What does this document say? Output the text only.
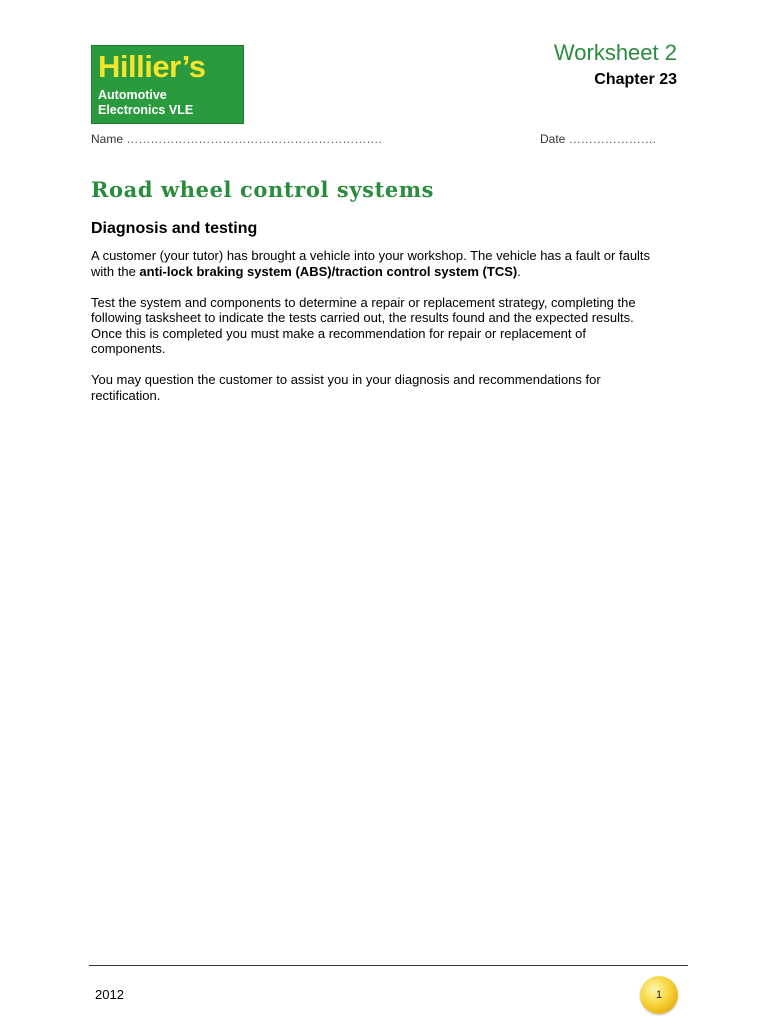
Hillier’s
Automotive
Electronics VLE
Worksheet 2
Chapter 23
Name ……………………………………………………….	Date ………………….
Road wheel control systems
Diagnosis and testing

A customer (your tutor) has brought a vehicle into your workshop. The vehicle has a fault or faults with the anti-lock braking system (ABS)/traction control system (TCS).

Test the system and components to determine a repair or replacement strategy, completing the following tasksheet to indicate the tests carried out, the results found and the expected results. Once this is completed you must make a recommendation for repair or replacement of components.

You may question the customer to assist you in your diagnosis and recommendations for rectification.

2012	1
